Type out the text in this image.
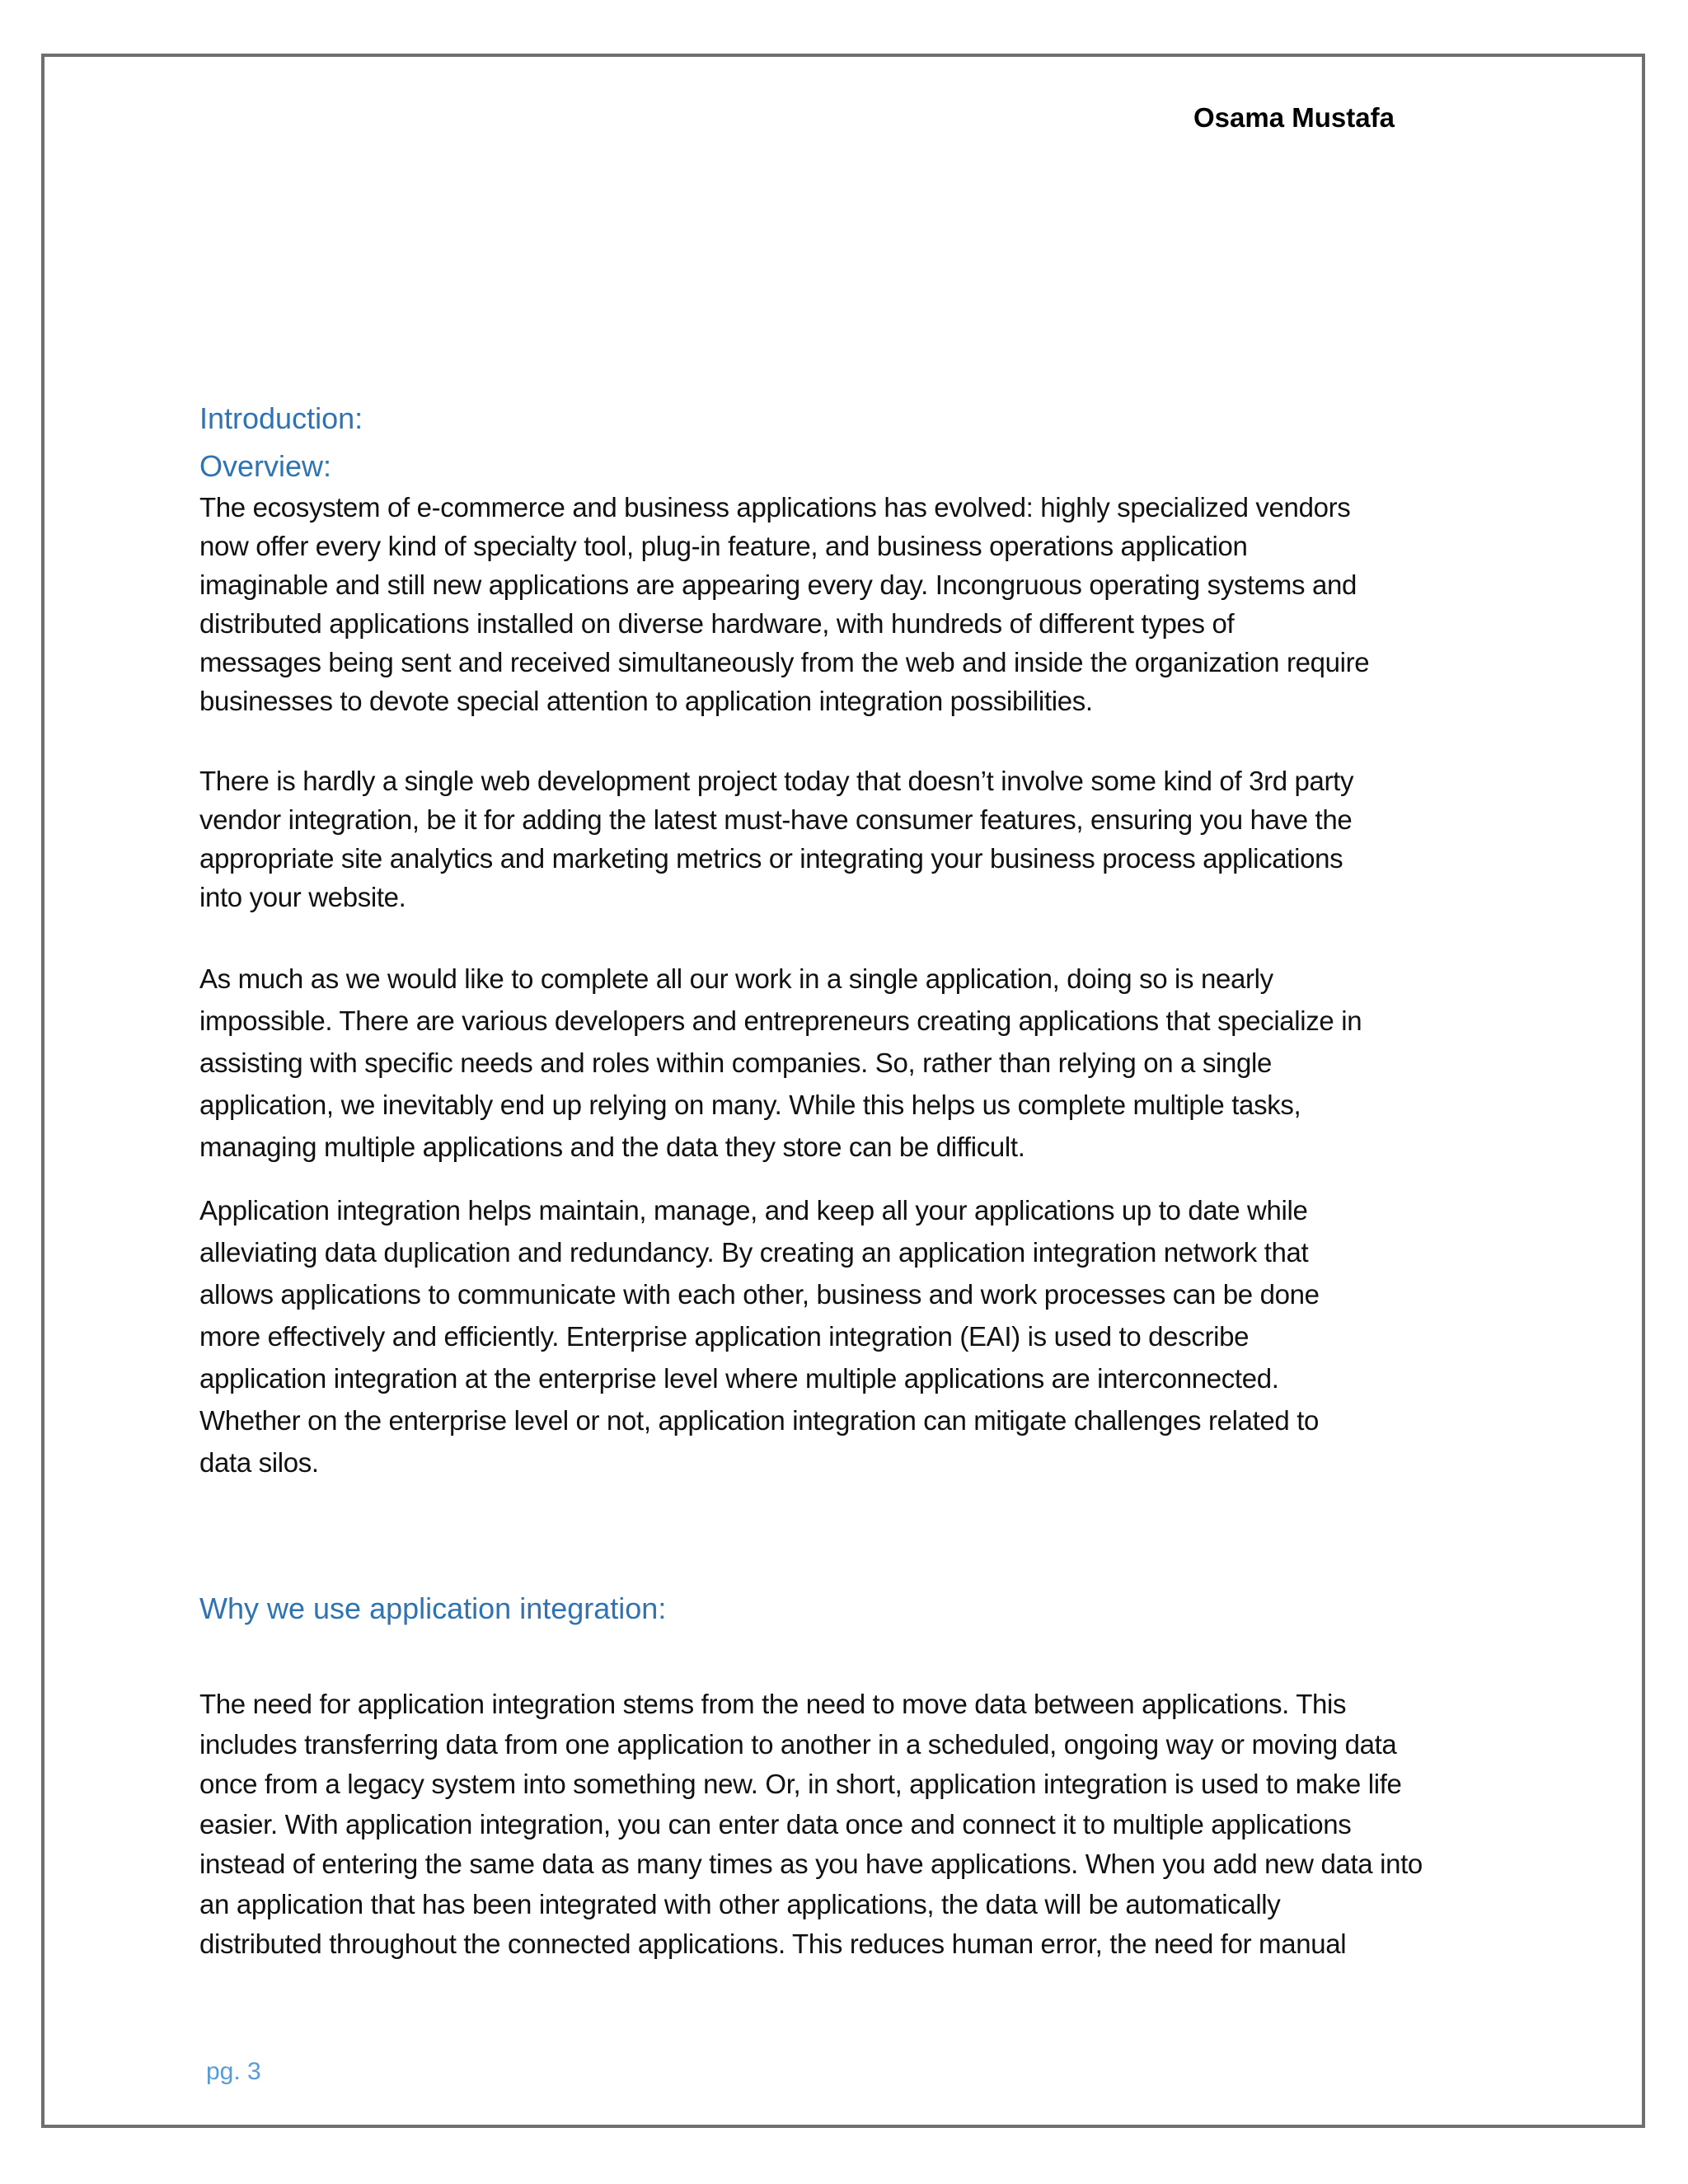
Osama Mustafa
Introduction:
Overview:

The ecosystem of e-commerce and business applications has evolved: highly specialized vendors
now offer every kind of specialty tool, plug-in feature, and business operations application
imaginable and still new applications are appearing every day. Incongruous operating systems and
distributed applications installed on diverse hardware, with hundreds of different types of
messages being sent and received simultaneously from the web and inside the organization require
businesses to devote special attention to application integration possibilities.

There is hardly a single web development project today that doesn’t involve some kind of 3rd party
vendor integration, be it for adding the latest must-have consumer features, ensuring you have the
appropriate site analytics and marketing metrics or integrating your business process applications
into your website.

As much as we would like to complete all our work in a single application, doing so is nearly
impossible. There are various developers and entrepreneurs creating applications that specialize in
assisting with specific needs and roles within companies. So, rather than relying on a single
application, we inevitably end up relying on many. While this helps us complete multiple tasks,
managing multiple applications and the data they store can be difficult.

Application integration helps maintain, manage, and keep all your applications up to date while
alleviating data duplication and redundancy. By creating an application integration network that
allows applications to communicate with each other, business and work processes can be done
more effectively and efficiently. Enterprise application integration (EAI) is used to describe
application integration at the enterprise level where multiple applications are interconnected.
Whether on the enterprise level or not, application integration can mitigate challenges related to
data silos.

Why we use application integration:

The need for application integration stems from the need to move data between applications. This
includes transferring data from one application to another in a scheduled, ongoing way or moving data
once from a legacy system into something new. Or, in short, application integration is used to make life
easier. With application integration, you can enter data once and connect it to multiple applications
instead of entering the same data as many times as you have applications. When you add new data into
an application that has been integrated with other applications, the data will be automatically
distributed throughout the connected applications. This reduces human error, the need for manual

pg. 3
